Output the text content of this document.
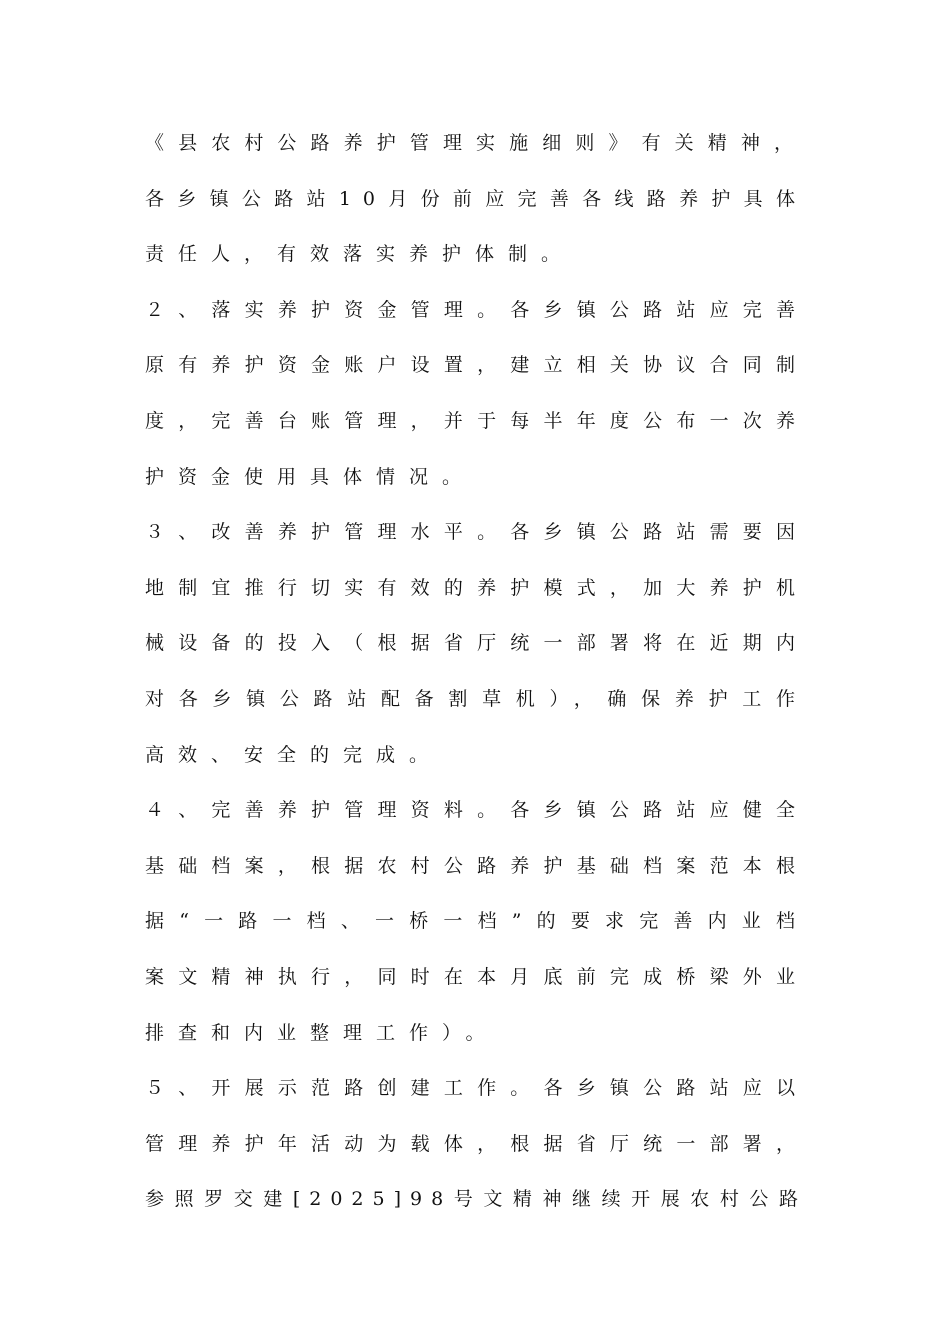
《县农村公路养护管理实施细则》有关精神，
各乡镇公路站10月份前应完善各线路养护具体
责任人，有效落实养护体制。
２、落实养护资金管理。各乡镇公路站应完善
原有养护资金账户设置，建立相关协议合同制
度，完善台账管理，并于每半年度公布一次养
护资金使用具体情况。
３、改善养护管理水平。各乡镇公路站需要因
地制宜推行切实有效的养护模式，加大养护机
械设备的投入（根据省厅统一部署将在近期内
对各乡镇公路站配备割草机），确保养护工作
高效、安全的完成。
４、完善养护管理资料。各乡镇公路站应健全
基础档案，根据农村公路养护基础档案范本根
据“一路一档、一桥一档”的要求完善内业档
案文精神执行，同时在本月底前完成桥梁外业
排查和内业整理工作）。
５、开展示范路创建工作。各乡镇公路站应以
管理养护年活动为载体，根据省厅统一部署，
参照罗交建[2025]98号文精神继续开展农村公路
